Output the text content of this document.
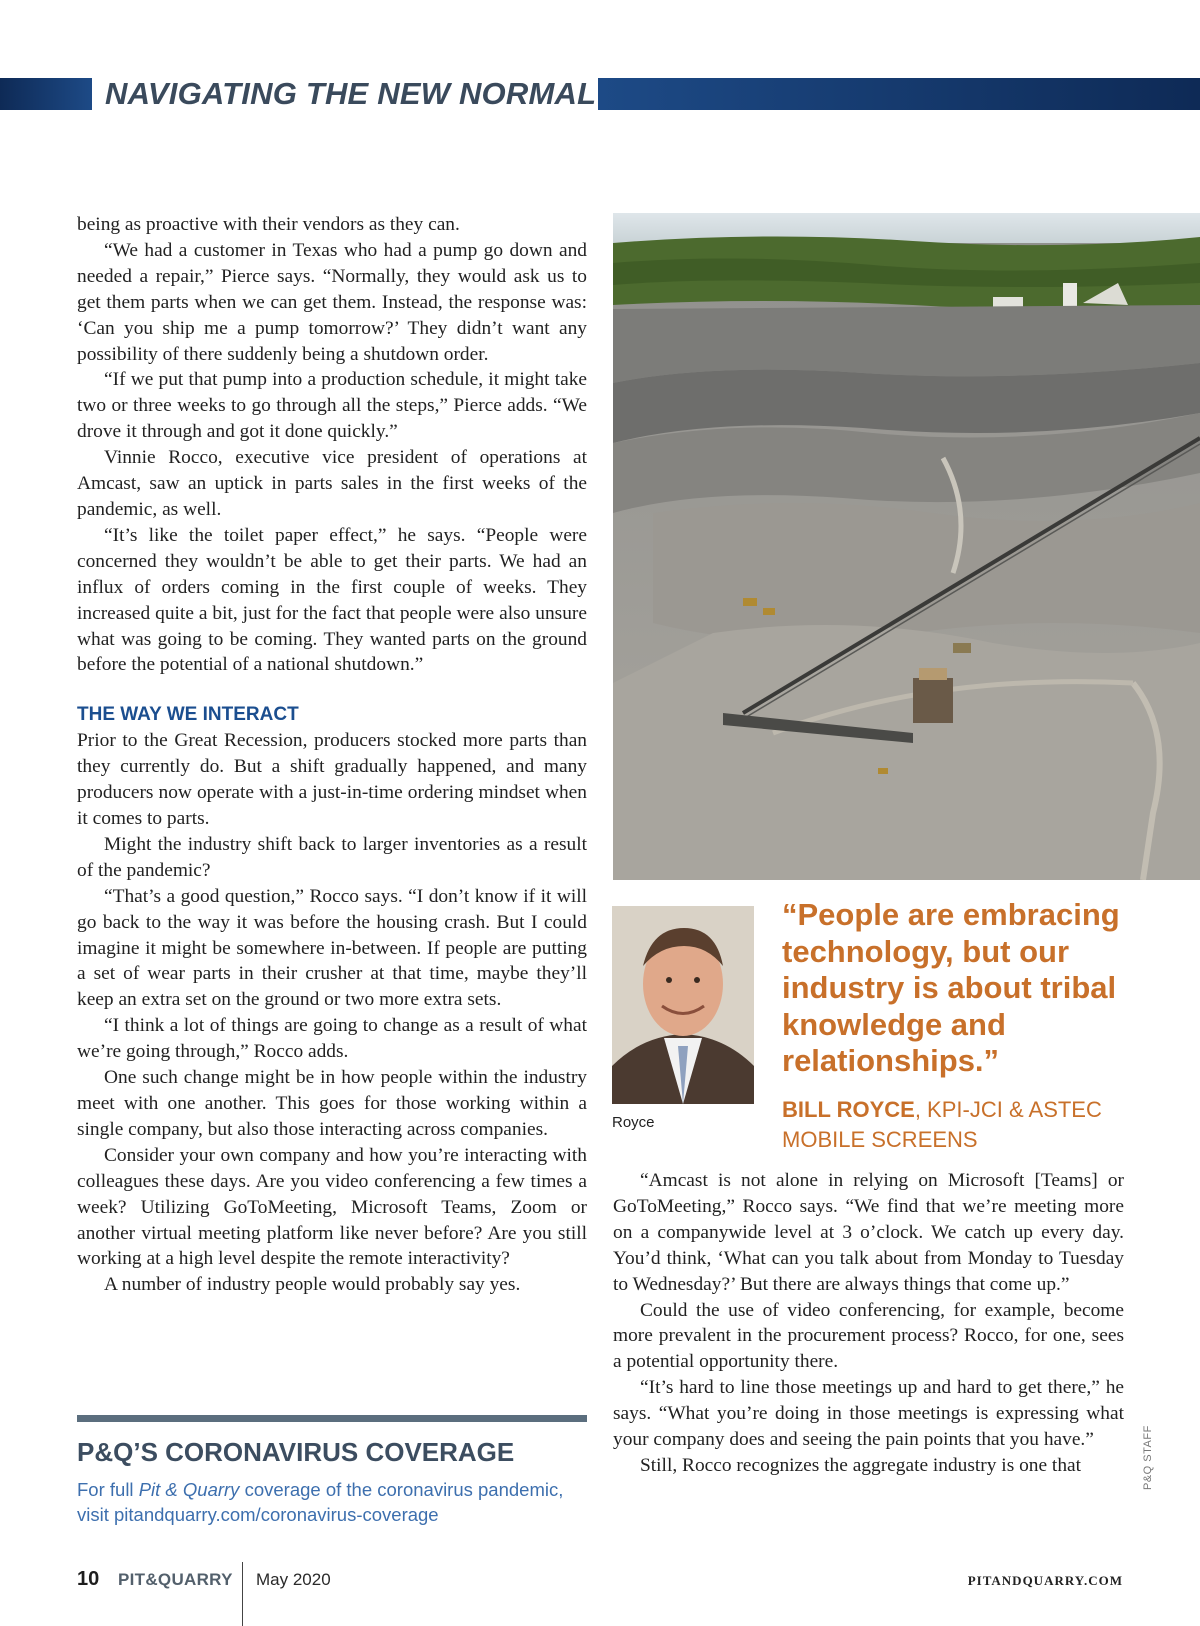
NAVIGATING THE NEW NORMAL

being as proactive with their vendors as they can.

“We had a customer in Texas who had a pump go down and needed a repair,” Pierce says. “Normally, they would ask us to get them parts when we can get them. Instead, the response was: ‘Can you ship me a pump tomorrow?’ They didn’t want any possibility of there suddenly being a shutdown order.

“If we put that pump into a production schedule, it might take two or three weeks to go through all the steps,” Pierce adds. “We drove it through and got it done quickly.”

Vinnie Rocco, executive vice president of operations at Amcast, saw an uptick in parts sales in the first weeks of the pandemic, as well.

“It’s like the toilet paper effect,” he says. “People were concerned they wouldn’t be able to get their parts. We had an influx of orders coming in the first couple of weeks. They increased quite a bit, just for the fact that people were also unsure what was going to be coming. They wanted parts on the ground before the potential of a national shutdown.”

THE WAY WE INTERACT

Prior to the Great Recession, producers stocked more parts than they currently do. But a shift gradually happened, and many producers now operate with a just-in-time ordering mindset when it comes to parts.

Might the industry shift back to larger inventories as a result of the pandemic?

“That’s a good question,” Rocco says. “I don’t know if it will go back to the way it was before the housing crash. But I could imagine it might be somewhere in-between. If people are putting a set of wear parts in their crusher at that time, maybe they’ll keep an extra set on the ground or two more extra sets.

“I think a lot of things are going to change as a result of what we’re going through,” Rocco adds.

One such change might be in how people within the industry meet with one another. This goes for those working within a single company, but also those interacting across companies.

Consider your own company and how you’re interacting with colleagues these days. Are you video conferencing a few times a week? Utilizing GoToMeeting, Microsoft Teams, Zoom or another virtual meeting platform like never before? Are you still working at a high level despite the remote interactivity?

A number of industry people would probably say yes.

Royce
“People are embracing technology, but our industry is about tribal knowledge and relationships.”
BILL ROYCE, KPI-JCI & ASTEC MOBILE SCREENS

“Amcast is not alone in relying on Microsoft [Teams] or GoToMeeting,” Rocco says. “We find that we’re meeting more on a companywide level at 3 o’clock. We catch up every day. You’d think, ‘What can you talk about from Monday to Tuesday to Wednesday?’ But there are always things that come up.”

Could the use of video conferencing, for example, become more prevalent in the procurement process? Rocco, for one, sees a potential opportunity there.

“It’s hard to line those meetings up and hard to get there,” he says. “What you’re doing in those meetings is expressing what your company does and seeing the pain points that you have.”

Still, Rocco recognizes the aggregate industry is one that

P&Q’S CORONAVIRUS COVERAGE
For full Pit & Quarry coverage of the coronavirus pandemic, visit pitandquarry.com/coronavirus-coverage
P&Q STAFF
10 PIT&QUARRY May 2020	PITANDQUARRY.COM
